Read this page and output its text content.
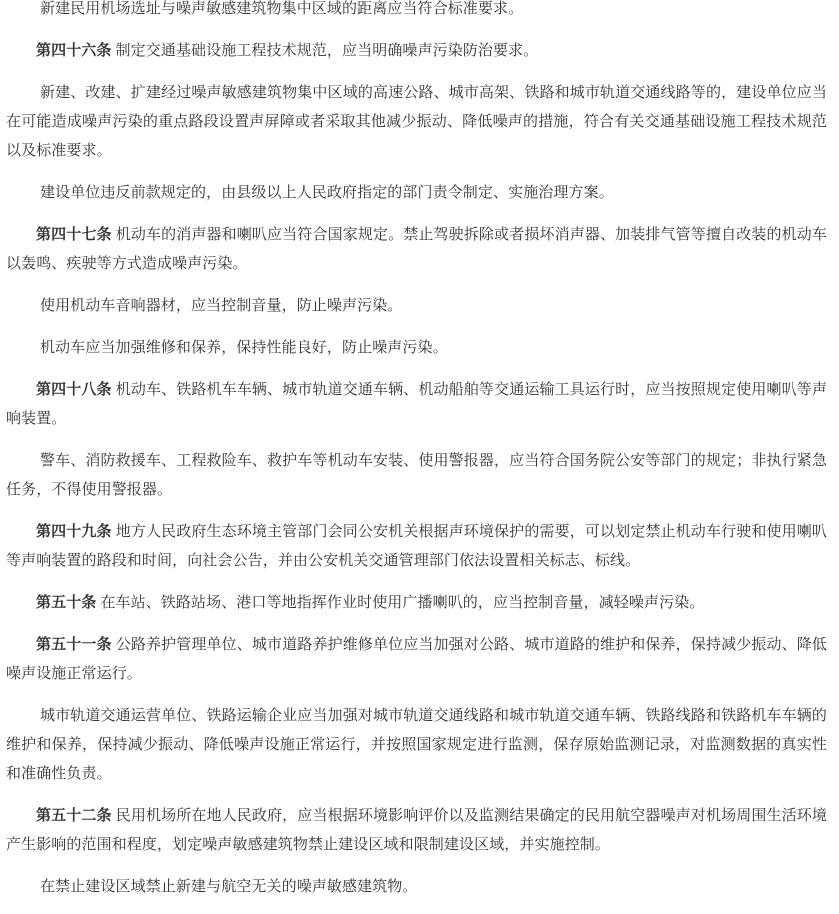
新建民用机场选址与噪声敏感建筑物集中区域的距离应当符合标准要求。

第四十六条 制定交通基础设施工程技术规范，应当明确噪声污染防治要求。

新建、改建、扩建经过噪声敏感建筑物集中区域的高速公路、城市高架、铁路和城市轨道交通线路等的，建设单位应当在可能造成噪声污染的重点路段设置声屏障或者采取其他减少振动、降低噪声的措施，符合有关交通基础设施工程技术规范以及标准要求。

建设单位违反前款规定的，由县级以上人民政府指定的部门责令制定、实施治理方案。

第四十七条 机动车的消声器和喇叭应当符合国家规定。禁止驾驶拆除或者损坏消声器、加装排气管等擅自改装的机动车以轰鸣、疾驶等方式造成噪声污染。

使用机动车音响器材，应当控制音量，防止噪声污染。

机动车应当加强维修和保养，保持性能良好，防止噪声污染。

第四十八条 机动车、铁路机车车辆、城市轨道交通车辆、机动船舶等交通运输工具运行时，应当按照规定使用喇叭等声响装置。

警车、消防救援车、工程救险车、救护车等机动车安装、使用警报器，应当符合国务院公安等部门的规定；非执行紧急任务，不得使用警报器。

第四十九条 地方人民政府生态环境主管部门会同公安机关根据声环境保护的需要，可以划定禁止机动车行驶和使用喇叭等声响装置的路段和时间，向社会公告，并由公安机关交通管理部门依法设置相关标志、标线。

第五十条 在车站、铁路站场、港口等地指挥作业时使用广播喇叭的，应当控制音量，减轻噪声污染。

第五十一条 公路养护管理单位、城市道路养护维修单位应当加强对公路、城市道路的维护和保养，保持减少振动、降低噪声设施正常运行。

城市轨道交通运营单位、铁路运输企业应当加强对城市轨道交通线路和城市轨道交通车辆、铁路线路和铁路机车车辆的维护和保养，保持减少振动、降低噪声设施正常运行，并按照国家规定进行监测，保存原始监测记录，对监测数据的真实性和准确性负责。

第五十二条 民用机场所在地人民政府，应当根据环境影响评价以及监测结果确定的民用航空器噪声对机场周围生活环境产生影响的范围和程度，划定噪声敏感建筑物禁止建设区域和限制建设区域，并实施控制。

在禁止建设区域禁止新建与航空无关的噪声敏感建筑物。
